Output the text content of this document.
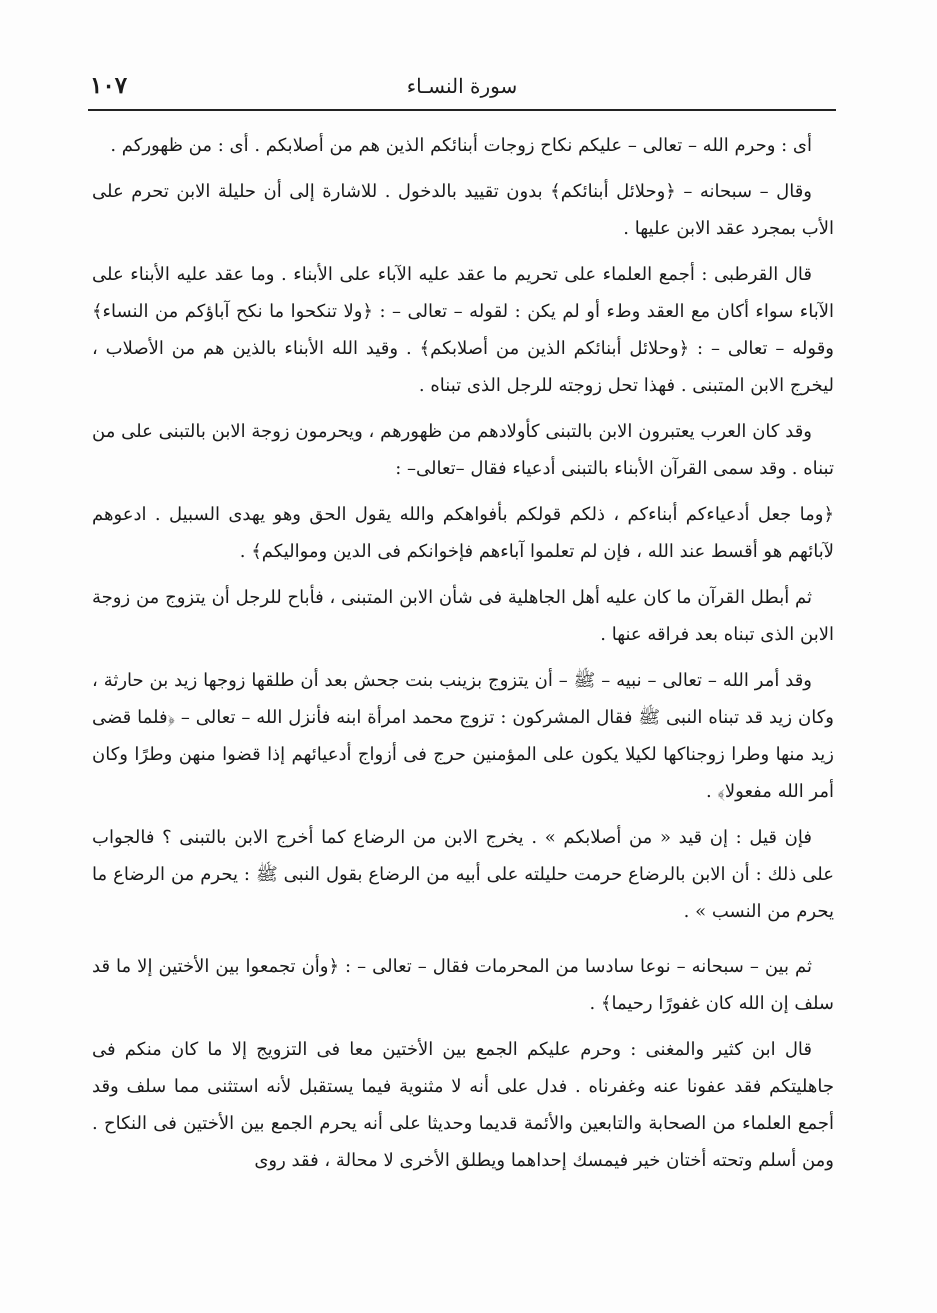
١٠٧	سورة النسـاء

أى : وحرم الله – تعالى – عليكم نكاح زوجات أبنائكم الذين هم من أصلابكم . أى : من ظهوركم .

وقال – سبحانه – ﴿وحلائل أبنائكم﴾ بدون تقييد بالدخول . للاشارة إلى أن حليلة الابن تحرم على الأب بمجرد عقد الابن عليها .

قال القرطبى : أجمع العلماء على تحريم ما عقد عليه الآباء على الأبناء . وما عقد عليه الأبناء على الآباء سواء أكان مع العقد وطء أو لم يكن : لقوله – تعالى – : ﴿ولا تنكحوا ما نكح آباؤكم من النساء﴾ وقوله – تعالى – : ﴿وحلائل أبنائكم الذين من أصلابكم﴾ . وقيد الله الأبناء بالذين هم من الأصلاب ، ليخرج الابن المتبنى . فهذا تحل زوجته للرجل الذى تبناه .

وقد كان العرب يعتبرون الابن بالتبنى كأولادهم من ظهورهم ، ويحرمون زوجة الابن بالتبنى على من تبناه . وقد سمى القرآن الأبناء بالتبنى أدعياء فقال –تعالى– :

﴿وما جعل أدعياءكم أبناءكم ، ذلكم قولكم بأفواهكم والله يقول الحق وهو يهدى السبيل . ادعوهم لآبائهم هو أقسط عند الله ، فإن لم تعلموا آباءهم فإخوانكم فى الدين ومواليكم﴾ .

ثم أبطل القرآن ما كان عليه أهل الجاهلية فى شأن الابن المتبنى ، فأباح للرجل أن يتزوج من زوجة الابن الذى تبناه بعد فراقه عنها .

وقد أمر الله – تعالى – نبيه – ﷺ – أن يتزوج بزينب بنت جحش بعد أن طلقها زوجها زيد بن حارثة ، وكان زيد قد تبناه النبى ﷺ فقال المشركون : تزوج محمد امرأة ابنه فأنزل الله – تعالى – ﴿فلما قضى زيد منها وطرا زوجناكها لكيلا يكون على المؤمنين حرج فى أزواج أدعيائهم إذا قضوا منهن وطرًا وكان أمر الله مفعولا﴾ .

فإن قيل : إن قيد « من أصلابكم » . يخرج الابن من الرضاع كما أخرج الابن بالتبنى ؟ فالجواب على ذلك : أن الابن بالرضاع حرمت حليلته على أبيه من الرضاع بقول النبى ﷺ : يحرم من الرضاع ما يحرم من النسب » .

ثم بين – سبحانه – نوعا سادسا من المحرمات فقال – تعالى – : ﴿وأن تجمعوا بين الأختين إلا ما قد سلف إن الله كان غفورًا رحيما﴾ .

قال ابن كثير والمغنى : وحرم عليكم الجمع بين الأختين معا فى التزويج إلا ما كان منكم فى جاهليتكم فقد عفونا عنه وغفرناه . فدل على أنه لا مثنوية فيما يستقبل لأنه استثنى مما سلف وقد أجمع العلماء من الصحابة والتابعين والأئمة قديما وحديثا على أنه يحرم الجمع بين الأختين فى النكاح . ومن أسلم وتحته أختان خير فيمسك إحداهما ويطلق الأخرى لا محالة ، فقد روى
